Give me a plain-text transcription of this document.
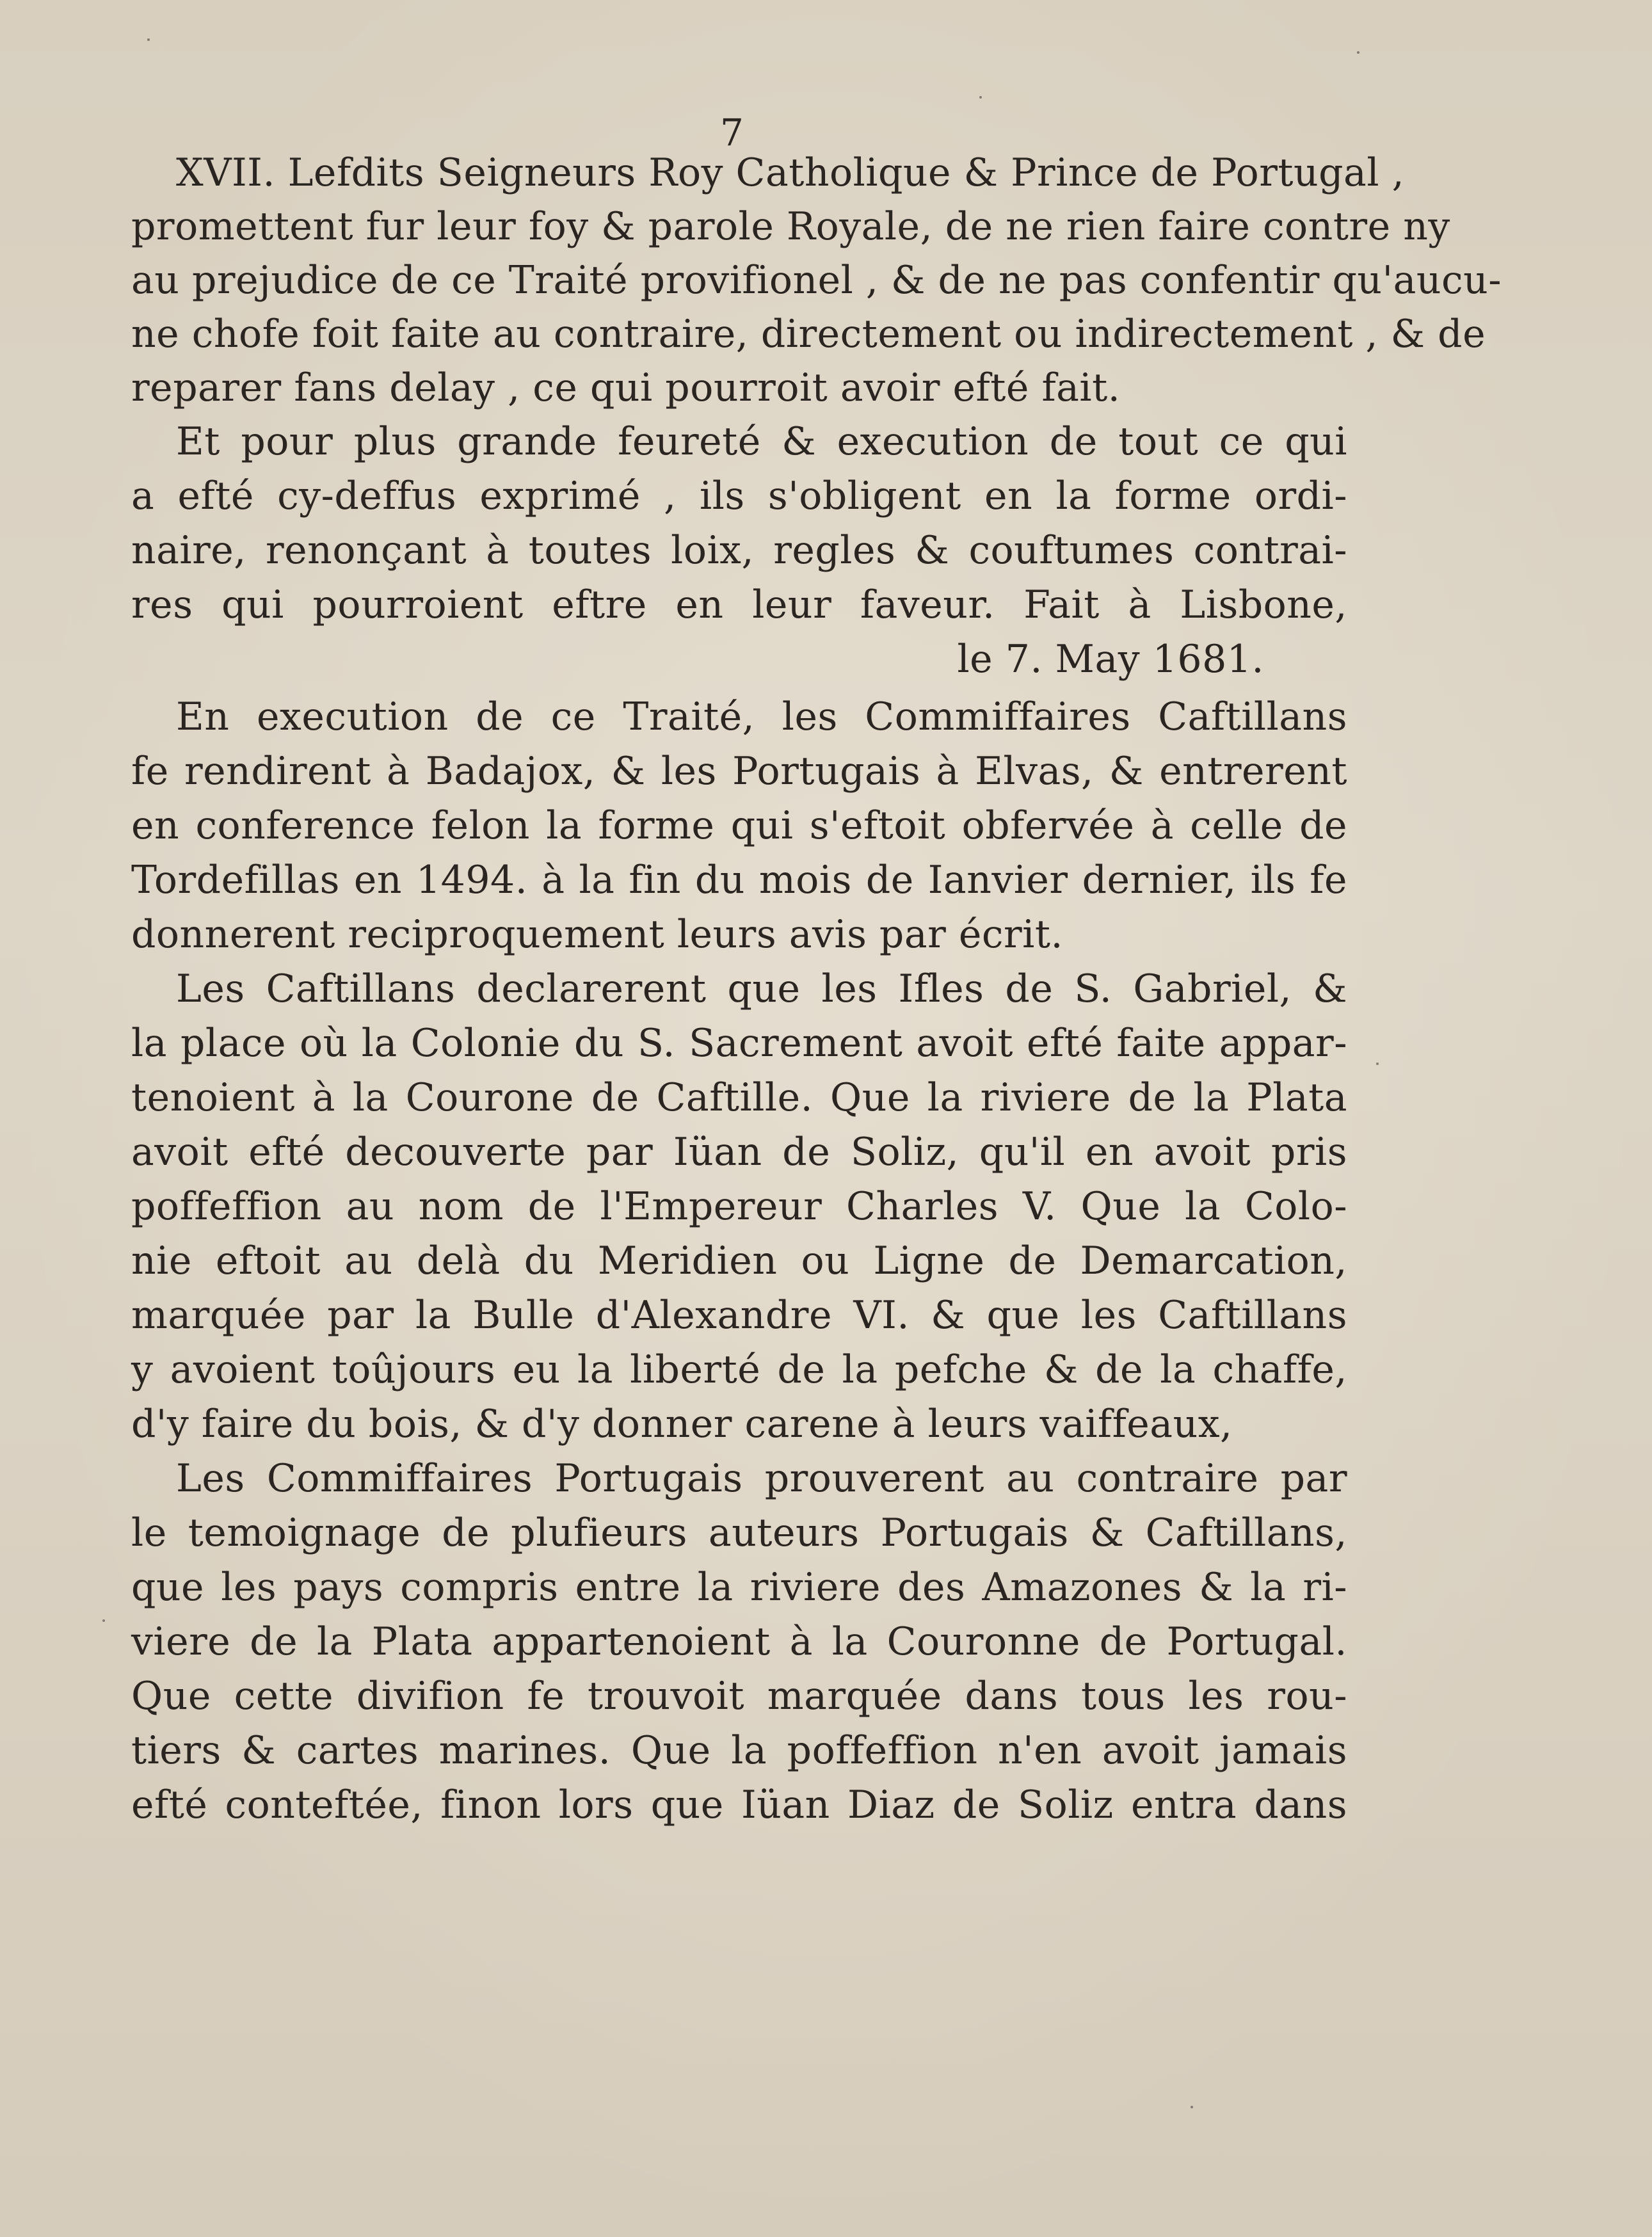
7
XVII. Lefdits Seigneurs Roy Catholique & Prince de Portugal ,
promettent fur leur foy & parole Royale, de ne rien faire contre ny
au prejudice de ce Traité provifionel , & de ne pas confentir qu'aucu-
ne chofe foit faite au contraire, directement ou indirectement , & de
reparer fans delay , ce qui pourroit avoir efté fait.
Et pour plus grande feureté & execution de tout ce qui
a efté cy-deffus exprimé , ils s'obligent en la forme ordi-
naire, renonçant à toutes loix, regles & couftumes contrai-
res qui pourroient eftre en leur faveur. Fait à Lisbone,
le 7. May 1681.
En execution de ce Traité, les Commiffaires Caftillans
fe rendirent à Badajox, & les Portugais à Elvas, & entrerent
en conference felon la forme qui s'eftoit obfervée à celle de
Tordefillas en 1494. à la fin du mois de Ianvier dernier, ils fe
donnerent reciproquement leurs avis par écrit.
Les Caftillans declarerent que les Ifles de S. Gabriel, &
la place où la Colonie du S. Sacrement avoit efté faite appar-
tenoient à la Courone de Caftille. Que la riviere de la Plata
avoit efté decouverte par Iüan de Soliz, qu'il en avoit pris
poffeffion au nom de l'Empereur Charles V. Que la Colo-
nie eftoit au delà du Meridien ou Ligne de Demarcation,
marquée par la Bulle d'Alexandre VI. & que les Caftillans
y avoient toûjours eu la liberté de la pefche & de la chaffe,
d'y faire du bois, & d'y donner carene à leurs vaiffeaux,
Les Commiffaires Portugais prouverent au contraire par
le temoignage de plufieurs auteurs Portugais & Caftillans,
que les pays compris entre la riviere des Amazones & la ri-
viere de la Plata appartenoient à la Couronne de Portugal.
Que cette divifion fe trouvoit marquée dans tous les rou-
tiers & cartes marines. Que la poffeffion n'en avoit jamais
efté conteftée, finon lors que Iüan Diaz de Soliz entra dans
